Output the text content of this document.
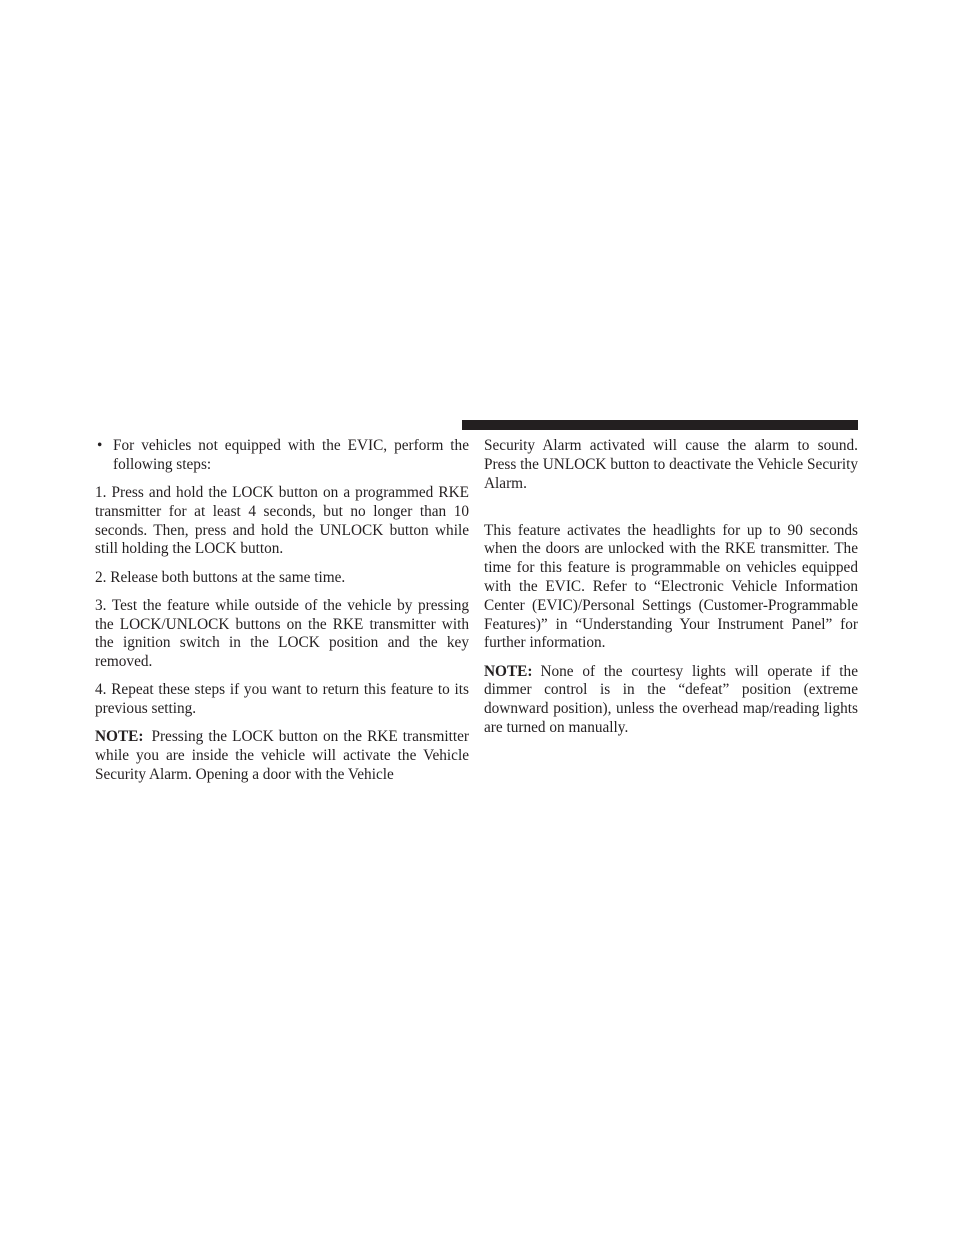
• For vehicles not equipped with the EVIC, perform the following steps:

1. Press and hold the LOCK button on a programmed RKE transmitter for at least 4 seconds, but no longer than 10 seconds. Then, press and hold the UNLOCK button while still holding the LOCK button.

2. Release both buttons at the same time.

3. Test the feature while outside of the vehicle by pressing the LOCK/UNLOCK buttons on the RKE transmitter with the ignition switch in the LOCK position and the key removed.

4. Repeat these steps if you want to return this feature to its previous setting.

NOTE: Pressing the LOCK button on the RKE transmitter while you are inside the vehicle will activate the Vehicle Security Alarm. Opening a door with the Vehicle

Security Alarm activated will cause the alarm to sound. Press the UNLOCK button to deactivate the Vehicle Security Alarm.

This feature activates the headlights for up to 90 seconds when the doors are unlocked with the RKE transmitter. The time for this feature is programmable on vehicles equipped with the EVIC. Refer to “Electronic Vehicle Information Center (EVIC)/Personal Settings (Customer-Programmable Features)” in “Understanding Your Instrument Panel” for further information.

NOTE: None of the courtesy lights will operate if the dimmer control is in the “defeat” position (extreme downward position), unless the overhead map/reading lights are turned on manually.
